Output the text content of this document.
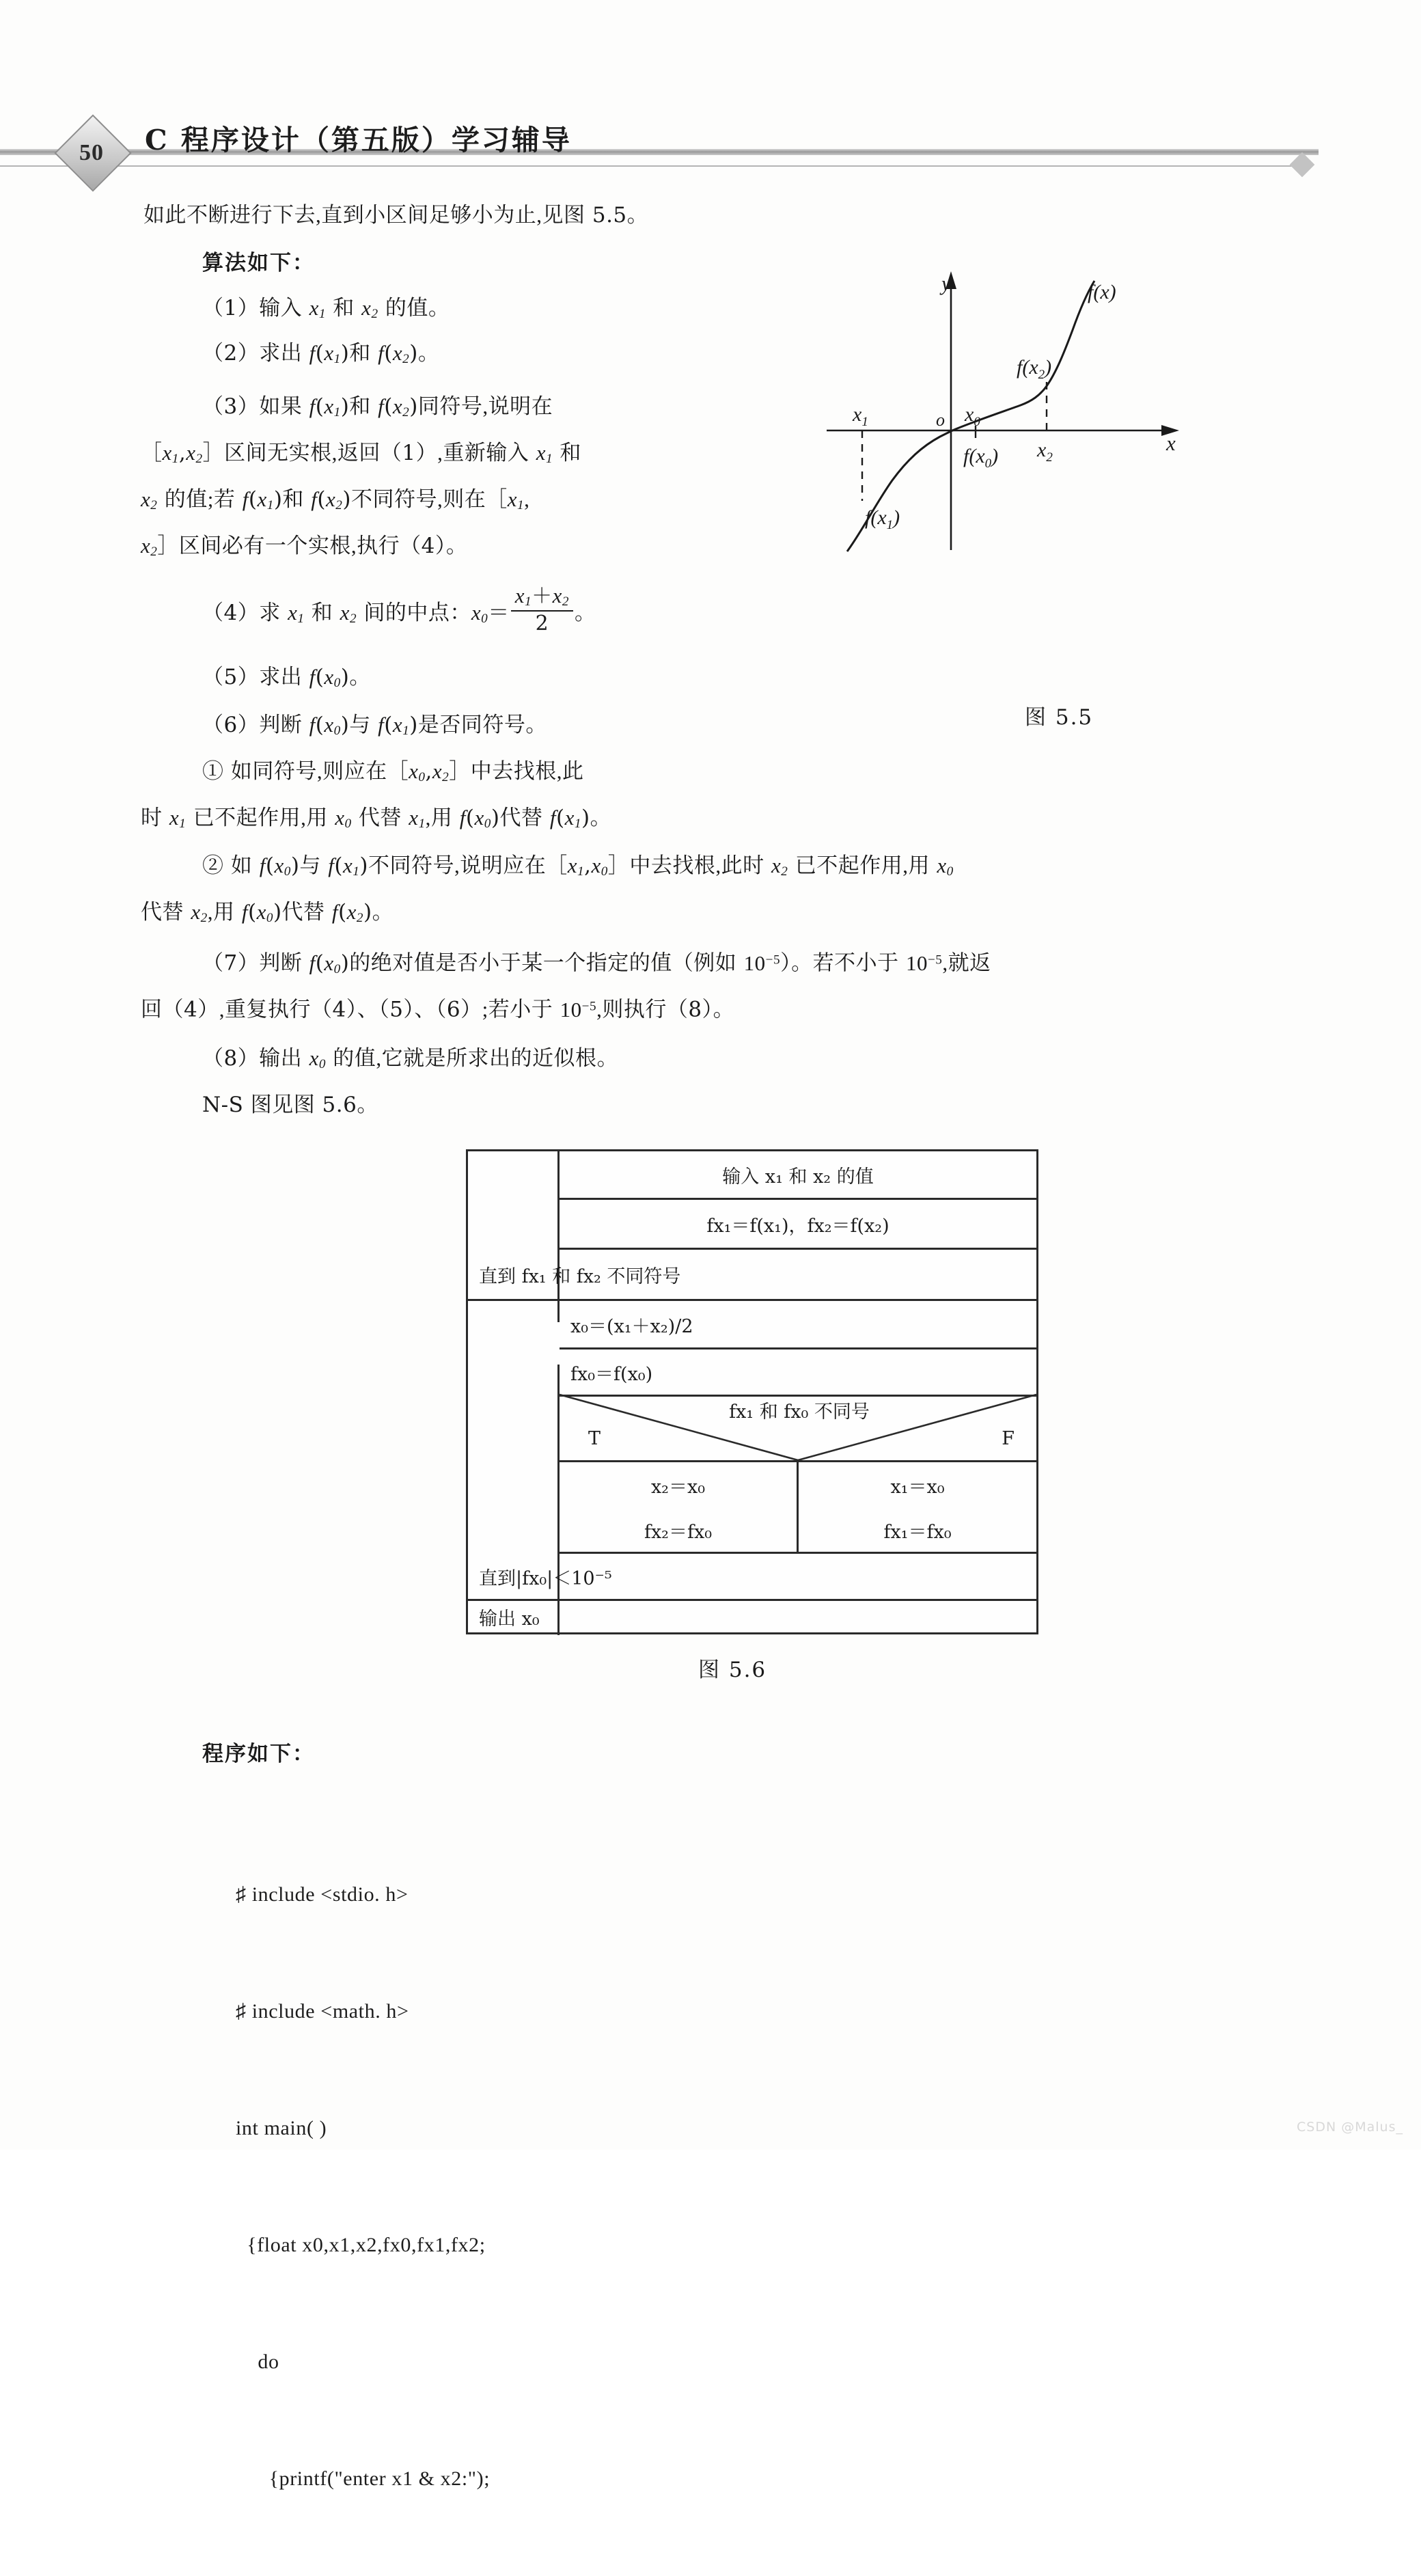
50	C 程序设计（第五版）学习辅导
如此不断进行下去,直到小区间足够小为止,见图 5.5。
算法如下：
（1）输入 $x_1$ 和 $x_2$ 的值。
（2）求出 $f(x_1)$和 $f(x_2)$。
（3）如果 $f(x_1)$和 $f(x_2)$同符号,说明在
$[x_1,x_2]$区间无实根,返回（1）,重新输入 $x_1$ 和
$x_2$ 的值;若 $f(x_1)$和 $f(x_2)$不同符号,则在$[x_1$,
$x_2]$区间必有一个实根,执行（4）。
（4）求 $x_1$ 和 $x_2$ 间的中点：$x_0= \frac{x_1+x_2}{2}$ 。
（5）求出 $f(x_0)$。
（6）判断 $f(x_0)$与 $f(x_1)$是否同符号。
① 如同符号,则应在$[x_0,x_2]$中去找根,此
时 $x_1$ 已不起作用,用 $x_0$ 代替 $x_1$,用 $f(x_0)$代替 $f(x_1)$。
② 如 $f(x_0)$与 $f(x_1)$不同符号,说明应在$[x_1,x_0]$中去找根,此时 $x_2$ 已不起作用,用 $x_0$
代替 $x_2$,用 $f(x_0)$代替 $f(x_2)$。
（7）判断 $f(x_0)$的绝对值是否小于某一个指定的值（例如 $10^{-5}$）。若不小于 $10^{-5}$,就返
回（4）,重复执行（4）、（5）、（6）;若小于 $10^{-5}$,则执行（8）。
（8）输出 $x_0$ 的值,它就是所求出的近似根。
N-S 图见图 5.6。
y
x
o
$x_1$	$x_0$
$x_2$
$f(x_1)$
$f(x_0)$
$f(x_2)$
f(x)
图 5.5
输入 x₁ 和 x₂ 的值
fx₁＝f(x₁)，fx₂＝f(x₂)
直到 fx₁ 和 fx₂ 不同符号
x₀＝(x₁＋x₂)/2
fx₀＝f(x₀)
fx₁ 和 fx₀ 不同号
T	F
x₂＝x₀
fx₂＝fx₀
x₁＝x₀
fx₁＝fx₀
直到|fx₀|＜10⁻⁵
输出 x₀
图 5.6
程序如下：

♯ include <stdio. h>

♯ include <math. h>

int main( )

{float x0,x1,x2,fx0,fx1,fx2;

do

{printf("enter x1 & x2:");

CSDN @Malus_
